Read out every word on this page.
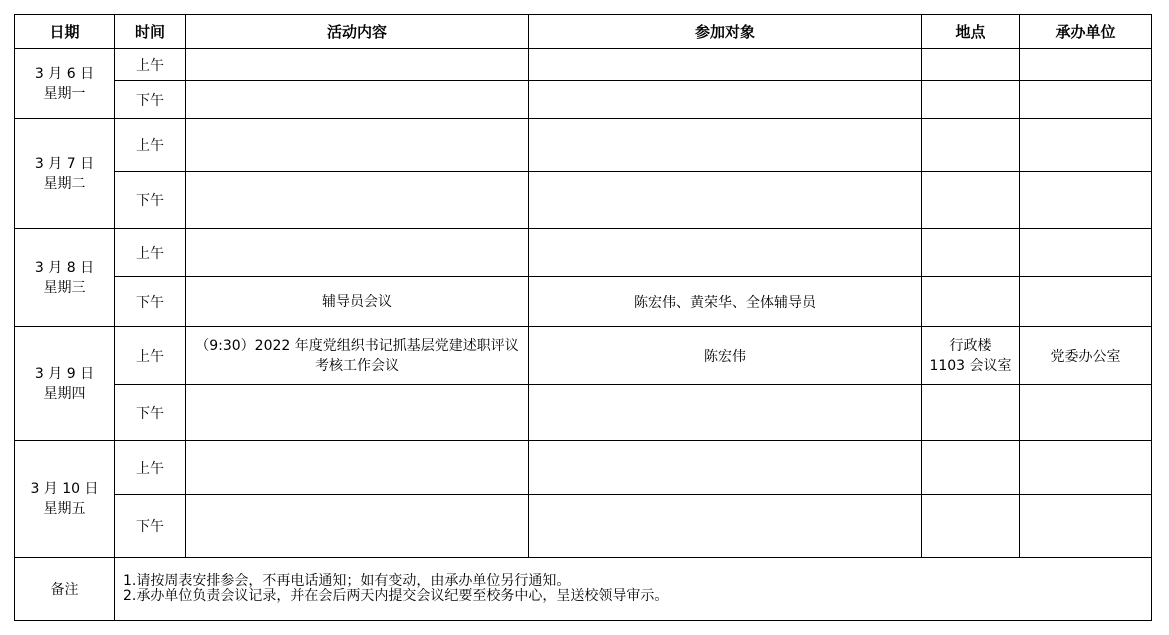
日期	时间	活动内容	参加对象	地点	承办单位

3 月 6 日
星期一	上午	

	下午	

3 月 7 日
星期二	上午	

	下午	

3 月 8 日
星期三	上午	

	下午	辅导员会议	陈宏伟、黄荣华、全体辅导员		

3 月 9 日
星期四	上午	（9:30）2022 年度党组织书记抓基层党建述职评议
考核工作会议	陈宏伟	行政楼
1103 会议室	党委办公室
	下午	

3 月 10 日
星期五	上午	

	下午	

备注	1.请按周表安排参会，不再电话通知；如有变动，由承办单位另行通知。
2.承办单位负责会议记录，并在会后两天内提交会议纪要至校务中心，呈送校领导审示。				
